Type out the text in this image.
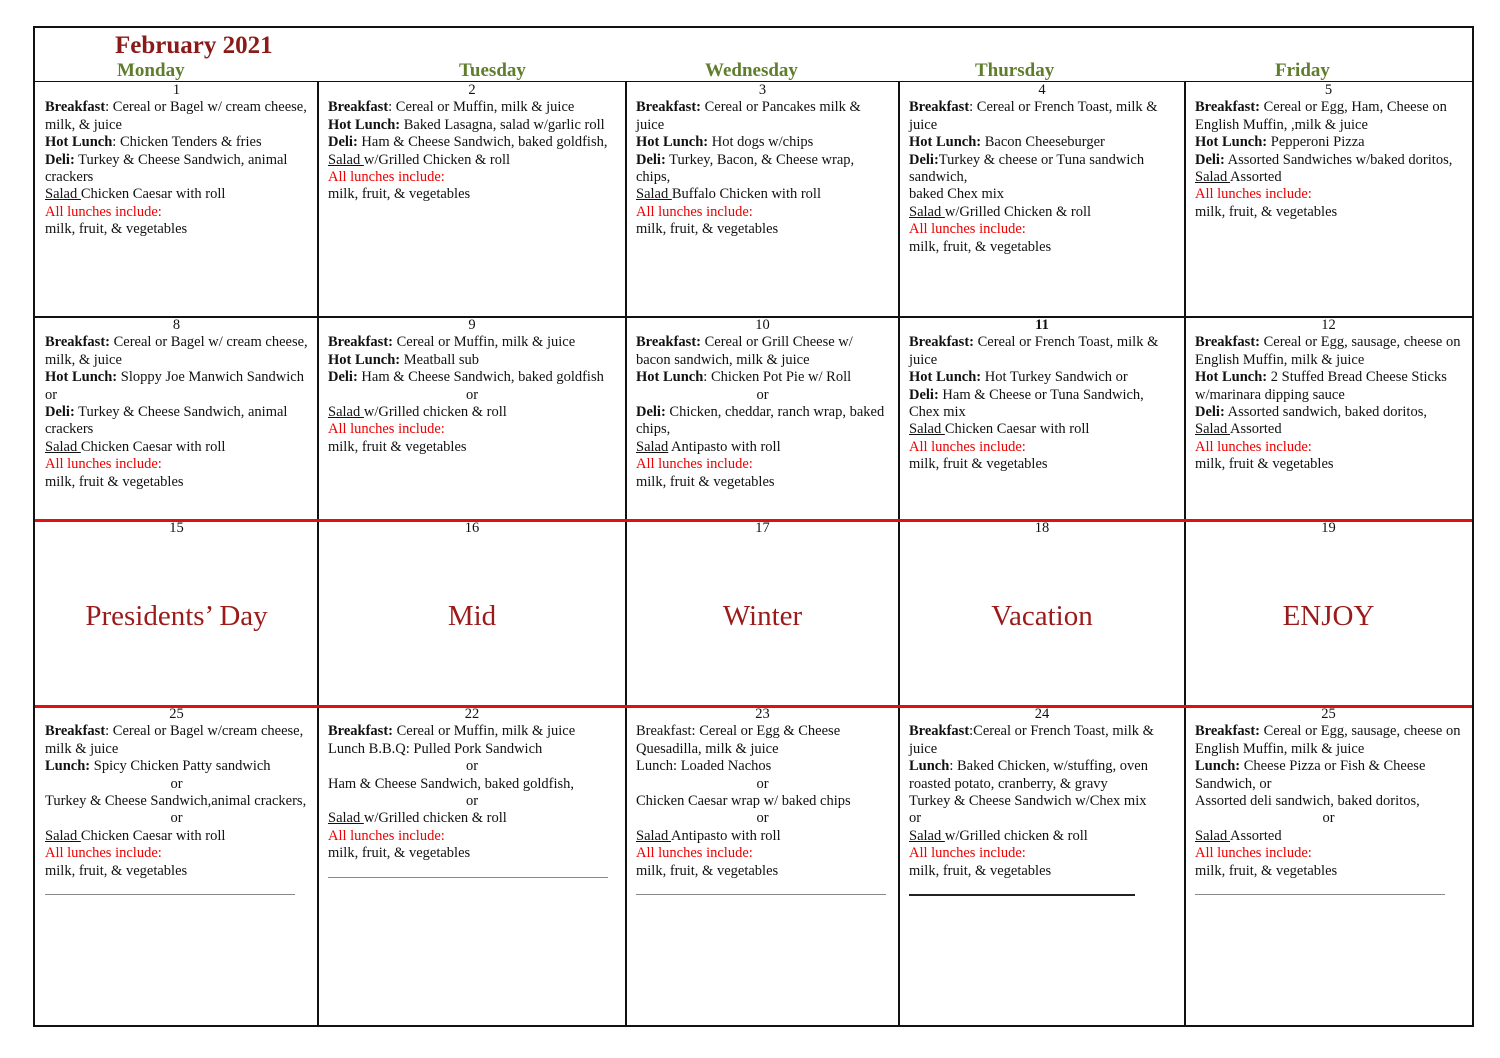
February 2021
Monday	Tuesday	Wednesday	Thursday	Friday
1
Breakfast: Cereal or Bagel w/ cream cheese, milk, & juice
Hot Lunch: Chicken Tenders & fries
Deli: Turkey & Cheese Sandwich, animal crackers
Salad Chicken Caesar with roll
All lunches include:
milk, fruit, & vegetables
2
Breakfast: Cereal or Muffin, milk & juice
Hot Lunch: Baked Lasagna, salad w/garlic roll
Deli: Ham & Cheese Sandwich, baked goldfish,
Salad w/Grilled Chicken & roll
All lunches include:
milk, fruit, & vegetables
3
Breakfast: Cereal or Pancakes milk & juice
Hot Lunch: Hot dogs w/chips
Deli: Turkey, Bacon, & Cheese wrap, chips,
Salad Buffalo Chicken with roll
All lunches include:
milk, fruit, & vegetables
4
Breakfast: Cereal or French Toast, milk & juice
Hot Lunch: Bacon Cheeseburger
Deli:Turkey & cheese or Tuna sandwich sandwich,
baked Chex mix
Salad w/Grilled Chicken & roll
All lunches include:
milk, fruit, & vegetables
5
Breakfast: Cereal or Egg, Ham, Cheese on English Muffin, ,milk & juice
Hot Lunch: Pepperoni Pizza
Deli: Assorted Sandwiches w/baked doritos,
Salad Assorted
All lunches include:
milk, fruit, & vegetables
8
Breakfast: Cereal or Bagel w/ cream cheese, milk, & juice
Hot Lunch: Sloppy Joe Manwich Sandwich or
Deli: Turkey & Cheese Sandwich, animal crackers
Salad Chicken Caesar with roll
All lunches include:
milk, fruit & vegetables
9
Breakfast: Cereal or Muffin, milk & juice
Hot Lunch: Meatball sub
Deli: Ham & Cheese Sandwich, baked goldfish
or
Salad w/Grilled chicken & roll
All lunches include:
milk, fruit & vegetables
10
Breakfast: Cereal or Grill Cheese w/ bacon sandwich, milk & juice
Hot Lunch: Chicken Pot Pie w/ Roll
or
Deli: Chicken, cheddar, ranch wrap, baked chips,
Salad Antipasto with roll
All lunches include:
milk, fruit & vegetables
11
Breakfast: Cereal or French Toast, milk & juice
Hot Lunch: Hot Turkey Sandwich or
Deli: Ham & Cheese or Tuna Sandwich, Chex mix
Salad Chicken Caesar with roll
All lunches include:
milk, fruit & vegetables
12
Breakfast: Cereal or Egg, sausage, cheese on English Muffin, milk & juice
Hot Lunch: 2 Stuffed Bread Cheese Sticks w/marinara dipping sauce
Deli: Assorted sandwich, baked doritos,
Salad Assorted
All lunches include:
milk, fruit & vegetables
15
Presidents’ Day
16
Mid
17
Winter
18
Vacation
19
ENJOY
25
Breakfast: Cereal or Bagel w/cream cheese, milk & juice
Lunch: Spicy Chicken Patty sandwich
or
Turkey & Cheese Sandwich,animal crackers,
or
Salad Chicken Caesar with roll
All lunches include:
milk, fruit, & vegetables
22
Breakfast: Cereal or Muffin, milk & juice
Lunch B.B.Q: Pulled Pork Sandwich
or
Ham & Cheese Sandwich, baked goldfish,
or
Salad w/Grilled chicken & roll
All lunches include:
milk, fruit, & vegetables
23
Breakfast: Cereal or Egg & Cheese Quesadilla, milk & juice
Lunch: Loaded Nachos
or
Chicken Caesar wrap w/ baked chips
or
Salad Antipasto with roll
All lunches include:
milk, fruit, & vegetables
24
Breakfast:Cereal or French Toast, milk & juice
Lunch: Baked Chicken, w/stuffing, oven roasted potato, cranberry, & gravy
Turkey & Cheese Sandwich w/Chex mix
or
Salad w/Grilled chicken & roll
All lunches include:
milk, fruit, & vegetables
25
Breakfast: Cereal or Egg, sausage, cheese on English Muffin, milk & juice
Lunch: Cheese Pizza or Fish & Cheese Sandwich, or
Assorted deli sandwich, baked doritos,
or
Salad Assorted
All lunches include:
milk, fruit, & vegetables
